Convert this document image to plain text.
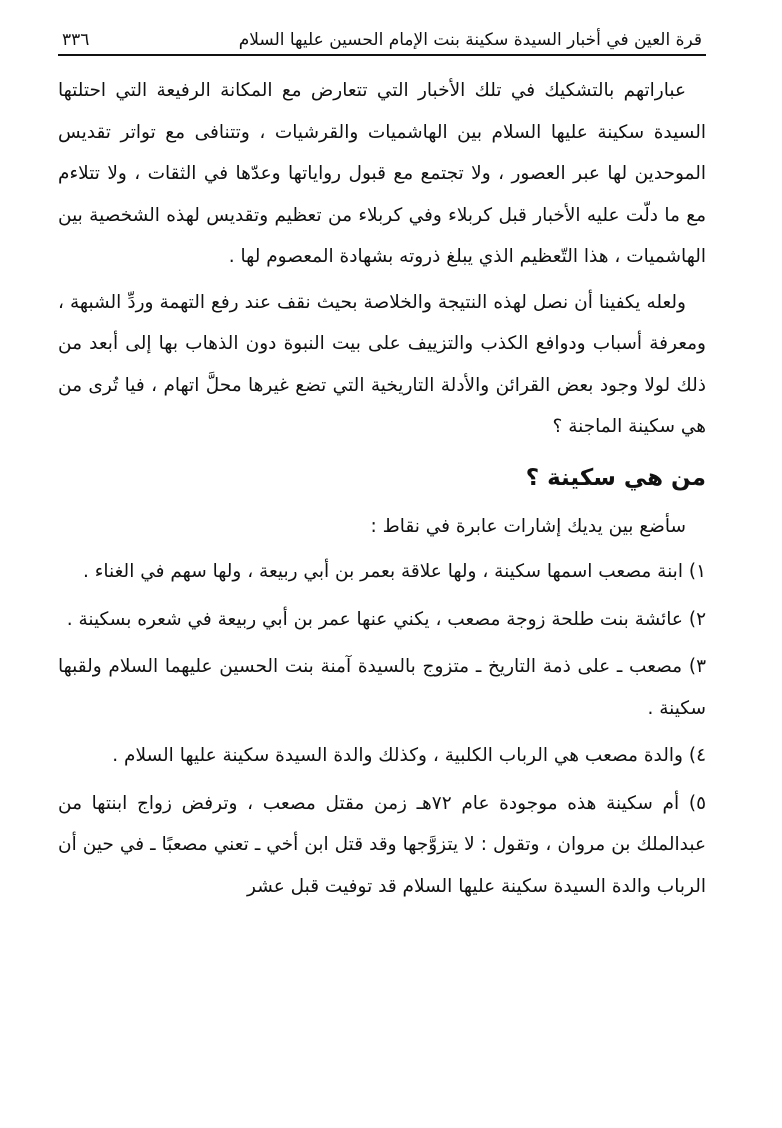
قرة العين في أخبار السيدة سكينة بنت الإمام الحسين عليها السلام
٣٣٦

عباراتهم بالتشكيك في تلك الأخبار التي تتعارض مع المكانة الرفيعة التي احتلتها السيدة سكينة عليها السلام بين الهاشميات والقرشيات ، وتتنافى مع تواتر تقديس الموحدين لها عبر العصور ، ولا تجتمع مع قبول رواياتها وعدّها في الثقات ، ولا تتلاءم مع ما دلّت عليه الأخبار قبل كربلاء وفي كربلاء من تعظيم وتقديس لهذه الشخصية بين الهاشميات ، هذا التّعظيم الذي يبلغ ذروته بشهادة المعصوم لها .

ولعله يكفينا أن نصل لهذه النتيجة والخلاصة بحيث نقف عند رفع التهمة وردِّ الشبهة ، ومعرفة أسباب ودوافع الكذب والتزييف على بيت النبوة دون الذهاب بها إلى أبعد من ذلك لولا وجود بعض القرائن والأدلة التاريخية التي تضع غيرها محلَّ اتهام ، فيا تُرى من هي سكينة الماجنة ؟

من هي سكينة ؟

سأضع بين يديك إشارات عابرة في نقاط :

١) ابنة مصعب اسمها سكينة ، ولها علاقة بعمر بن أبي ربيعة ، ولها سهم في الغناء .

٢) عائشة بنت طلحة زوجة مصعب ، يكني عنها عمر بن أبي ربيعة في شعره بسكينة .

٣) مصعب ـ على ذمة التاريخ ـ متزوج بالسيدة آمنة بنت الحسين عليهما السلام ولقبها سكينة .

٤) والدة مصعب هي الرباب الكلبية ، وكذلك والدة السيدة سكينة عليها السلام .

٥) أم سكينة هذه موجودة عام ٧٢هـ زمن مقتل مصعب ، وترفض زواج ابنتها من عبدالملك بن مروان ، وتقول : لا يتزوَّجها وقد قتل ابن أخي ـ تعني مصعبًا ـ في حين أن الرباب والدة السيدة سكينة عليها السلام قد توفيت قبل عشر
